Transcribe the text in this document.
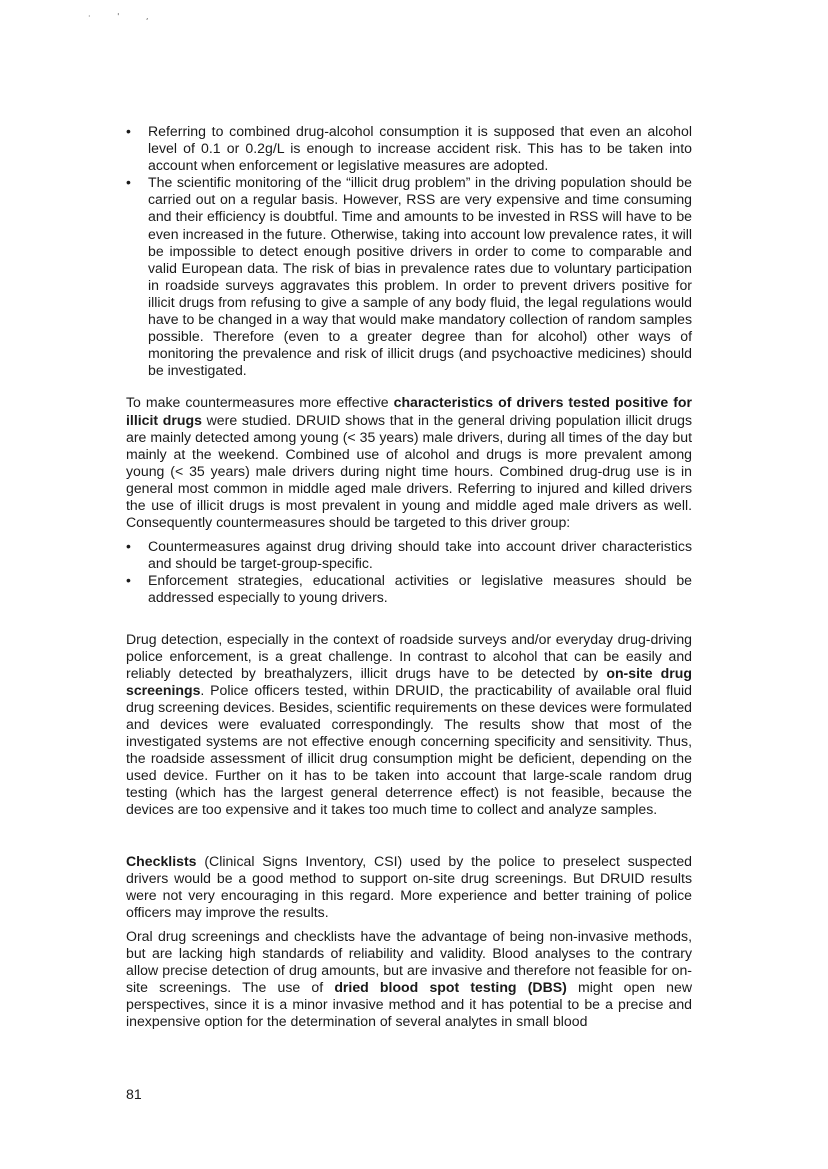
· ' ‚
•	Referring to combined drug-alcohol consumption it is supposed that even an alcohol level of 0.1 or 0.2g/L is enough to increase accident risk. This has to be taken into account when enforcement or legislative measures are adopted.
•	The scientific monitoring of the “illicit drug problem” in the driving population should be carried out on a regular basis. However, RSS are very expensive and time consuming and their efficiency is doubtful. Time and amounts to be invested in RSS will have to be even increased in the future. Otherwise, taking into account low prevalence rates, it will be impossible to detect enough positive drivers in order to come to comparable and valid European data. The risk of bias in prevalence rates due to voluntary participation in roadside surveys aggravates this problem. In order to prevent drivers positive for illicit drugs from refusing to give a sample of any body fluid, the legal regulations would have to be changed in a way that would make mandatory collection of random samples possible. Therefore (even to a greater degree than for alcohol) other ways of monitoring the prevalence and risk of illicit drugs (and psychoactive medicines) should be investigated.

To make countermeasures more effective characteristics of drivers tested positive for illicit drugs were studied. DRUID shows that in the general driving population illicit drugs are mainly detected among young (< 35 years) male drivers, during all times of the day but mainly at the weekend. Combined use of alcohol and drugs is more prevalent among young (< 35 years) male drivers during night time hours. Combined drug-drug use is in general most common in middle aged male drivers. Referring to injured and killed drivers the use of illicit drugs is most prevalent in young and middle aged male drivers as well. Consequently countermeasures should be targeted to this driver group:

•	Countermeasures against drug driving should take into account driver characteristics and should be target-group-specific.
•	Enforcement strategies, educational activities or legislative measures should be addressed especially to young drivers.

Drug detection, especially in the context of roadside surveys and/or everyday drug-driving police enforcement, is a great challenge. In contrast to alcohol that can be easily and reliably detected by breathalyzers, illicit drugs have to be detected by on-site drug screenings. Police officers tested, within DRUID, the practicability of available oral fluid drug screening devices. Besides, scientific requirements on these devices were formulated and devices were evaluated correspondingly. The results show that most of the investigated systems are not effective enough concerning specificity and sensitivity. Thus, the roadside assessment of illicit drug consumption might be deficient, depending on the used device. Further on it has to be taken into account that large-scale random drug testing (which has the largest general deterrence effect) is not feasible, because the devices are too expensive and it takes too much time to collect and analyze samples.

Checklists (Clinical Signs Inventory, CSI) used by the police to preselect suspected drivers would be a good method to support on-site drug screenings. But DRUID results were not very encouraging in this regard. More experience and better training of police officers may improve the results.

Oral drug screenings and checklists have the advantage of being non-invasive methods, but are lacking high standards of reliability and validity. Blood analyses to the contrary allow precise detection of drug amounts, but are invasive and therefore not feasible for on-site screenings. The use of dried blood spot testing (DBS) might open new perspectives, since it is a minor invasive method and it has potential to be a precise and inexpensive option for the determination of several analytes in small blood

81
